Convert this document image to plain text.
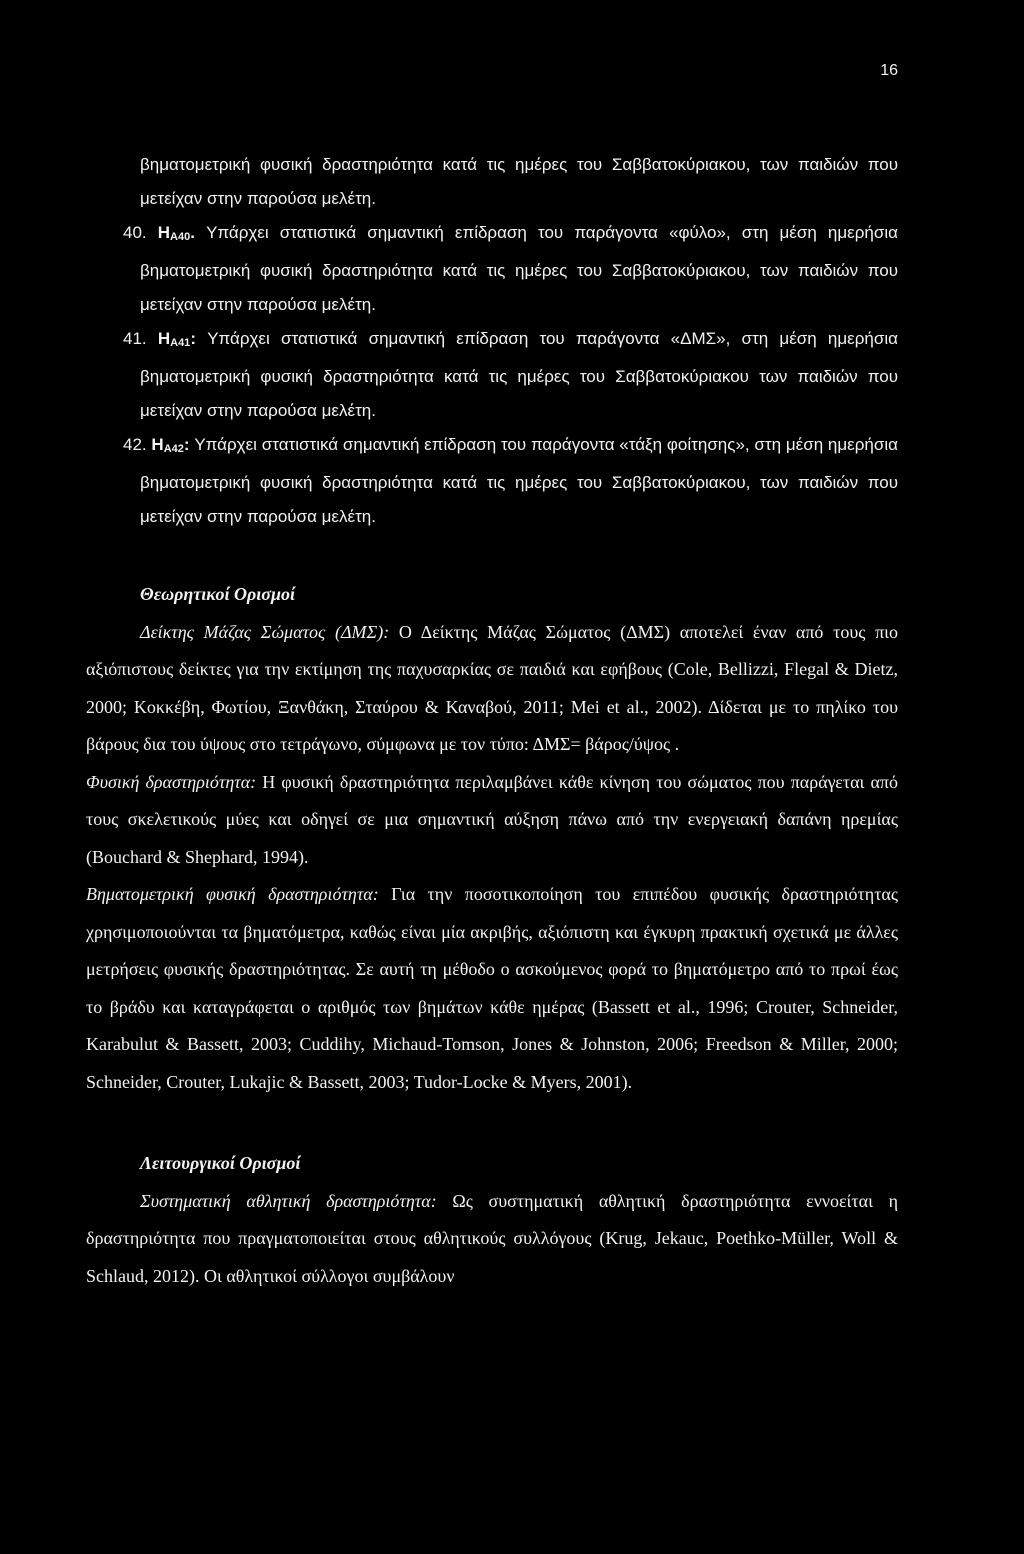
16

βηματομετρική φυσική δραστηριότητα κατά τις ημέρες του Σαββατοκύριακου, των παιδιών που μετείχαν στην παρούσα μελέτη.

40. $H_{A40}$. Υπάρχει στατιστικά σημαντική επίδραση του παράγοντα «φύλο», στη μέση ημερήσια βηματομετρική φυσική δραστηριότητα κατά τις ημέρες του Σαββατοκύριακου, των παιδιών που μετείχαν στην παρούσα μελέτη.

41. $H_{A41}$: Υπάρχει στατιστικά σημαντική επίδραση του παράγοντα «ΔΜΣ», στη μέση ημερήσια βηματομετρική φυσική δραστηριότητα κατά τις ημέρες του Σαββατοκύριακου των παιδιών που μετείχαν στην παρούσα μελέτη.

42. $H_{A42}$: Υπάρχει στατιστικά σημαντική επίδραση του παράγοντα «τάξη φοίτησης», στη μέση ημερήσια βηματομετρική φυσική δραστηριότητα κατά τις ημέρες του Σαββατοκύριακου, των παιδιών που μετείχαν στην παρούσα μελέτη.

Θεωρητικοί Ορισμοί

Δείκτης Μάζας Σώματος (ΔΜΣ): Ο Δείκτης Μάζας Σώματος (ΔΜΣ) αποτελεί έναν από τους πιο αξιόπιστους δείκτες για την εκτίμηση της παχυσαρκίας σε παιδιά και εφήβους (Cole, Bellizzi, Flegal & Dietz, 2000; Κοκκέβη, Φωτίου, Ξανθάκη, Σταύρου & Καναβού, 2011; Mei et al., 2002). Δίδεται με το πηλίκο του βάρους δια του ύψους στο τετράγωνο, σύμφωνα με τον τύπο: ΔΜΣ= βάρος/ύψος .

Φυσική δραστηριότητα: Η φυσική δραστηριότητα περιλαμβάνει κάθε κίνηση του σώματος που παράγεται από τους σκελετικούς μύες και οδηγεί σε μια σημαντική αύξηση πάνω από την ενεργειακή δαπάνη ηρεμίας (Bouchard & Shephard, 1994).

Βηματομετρική φυσική δραστηριότητα: Για την ποσοτικοποίηση του επιπέδου φυσικής δραστηριότητας χρησιμοποιούνται τα βηματόμετρα, καθώς είναι μία ακριβής, αξιόπιστη και έγκυρη πρακτική σχετικά με άλλες μετρήσεις φυσικής δραστηριότητας. Σε αυτή τη μέθοδο ο ασκούμενος φορά το βηματόμετρο από το πρωί έως το βράδυ και καταγράφεται ο αριθμός των βημάτων κάθε ημέρας (Bassett et al., 1996; Crouter, Schneider, Karabulut & Bassett, 2003; Cuddihy, Michaud-Tomson, Jones & Johnston, 2006; Freedson & Miller, 2000; Schneider, Crouter, Lukajic & Bassett, 2003; Tudor-Locke & Myers, 2001).

Λειτουργικοί Ορισμοί

Συστηματική αθλητική δραστηριότητα: Ως συστηματική αθλητική δραστηριότητα εννοείται η δραστηριότητα που πραγματοποιείται στους αθλητικούς συλλόγους (Krug, Jekauc, Poethko-Müller, Woll & Schlaud, 2012). Οι αθλητικοί σύλλογοι συμβάλουν
